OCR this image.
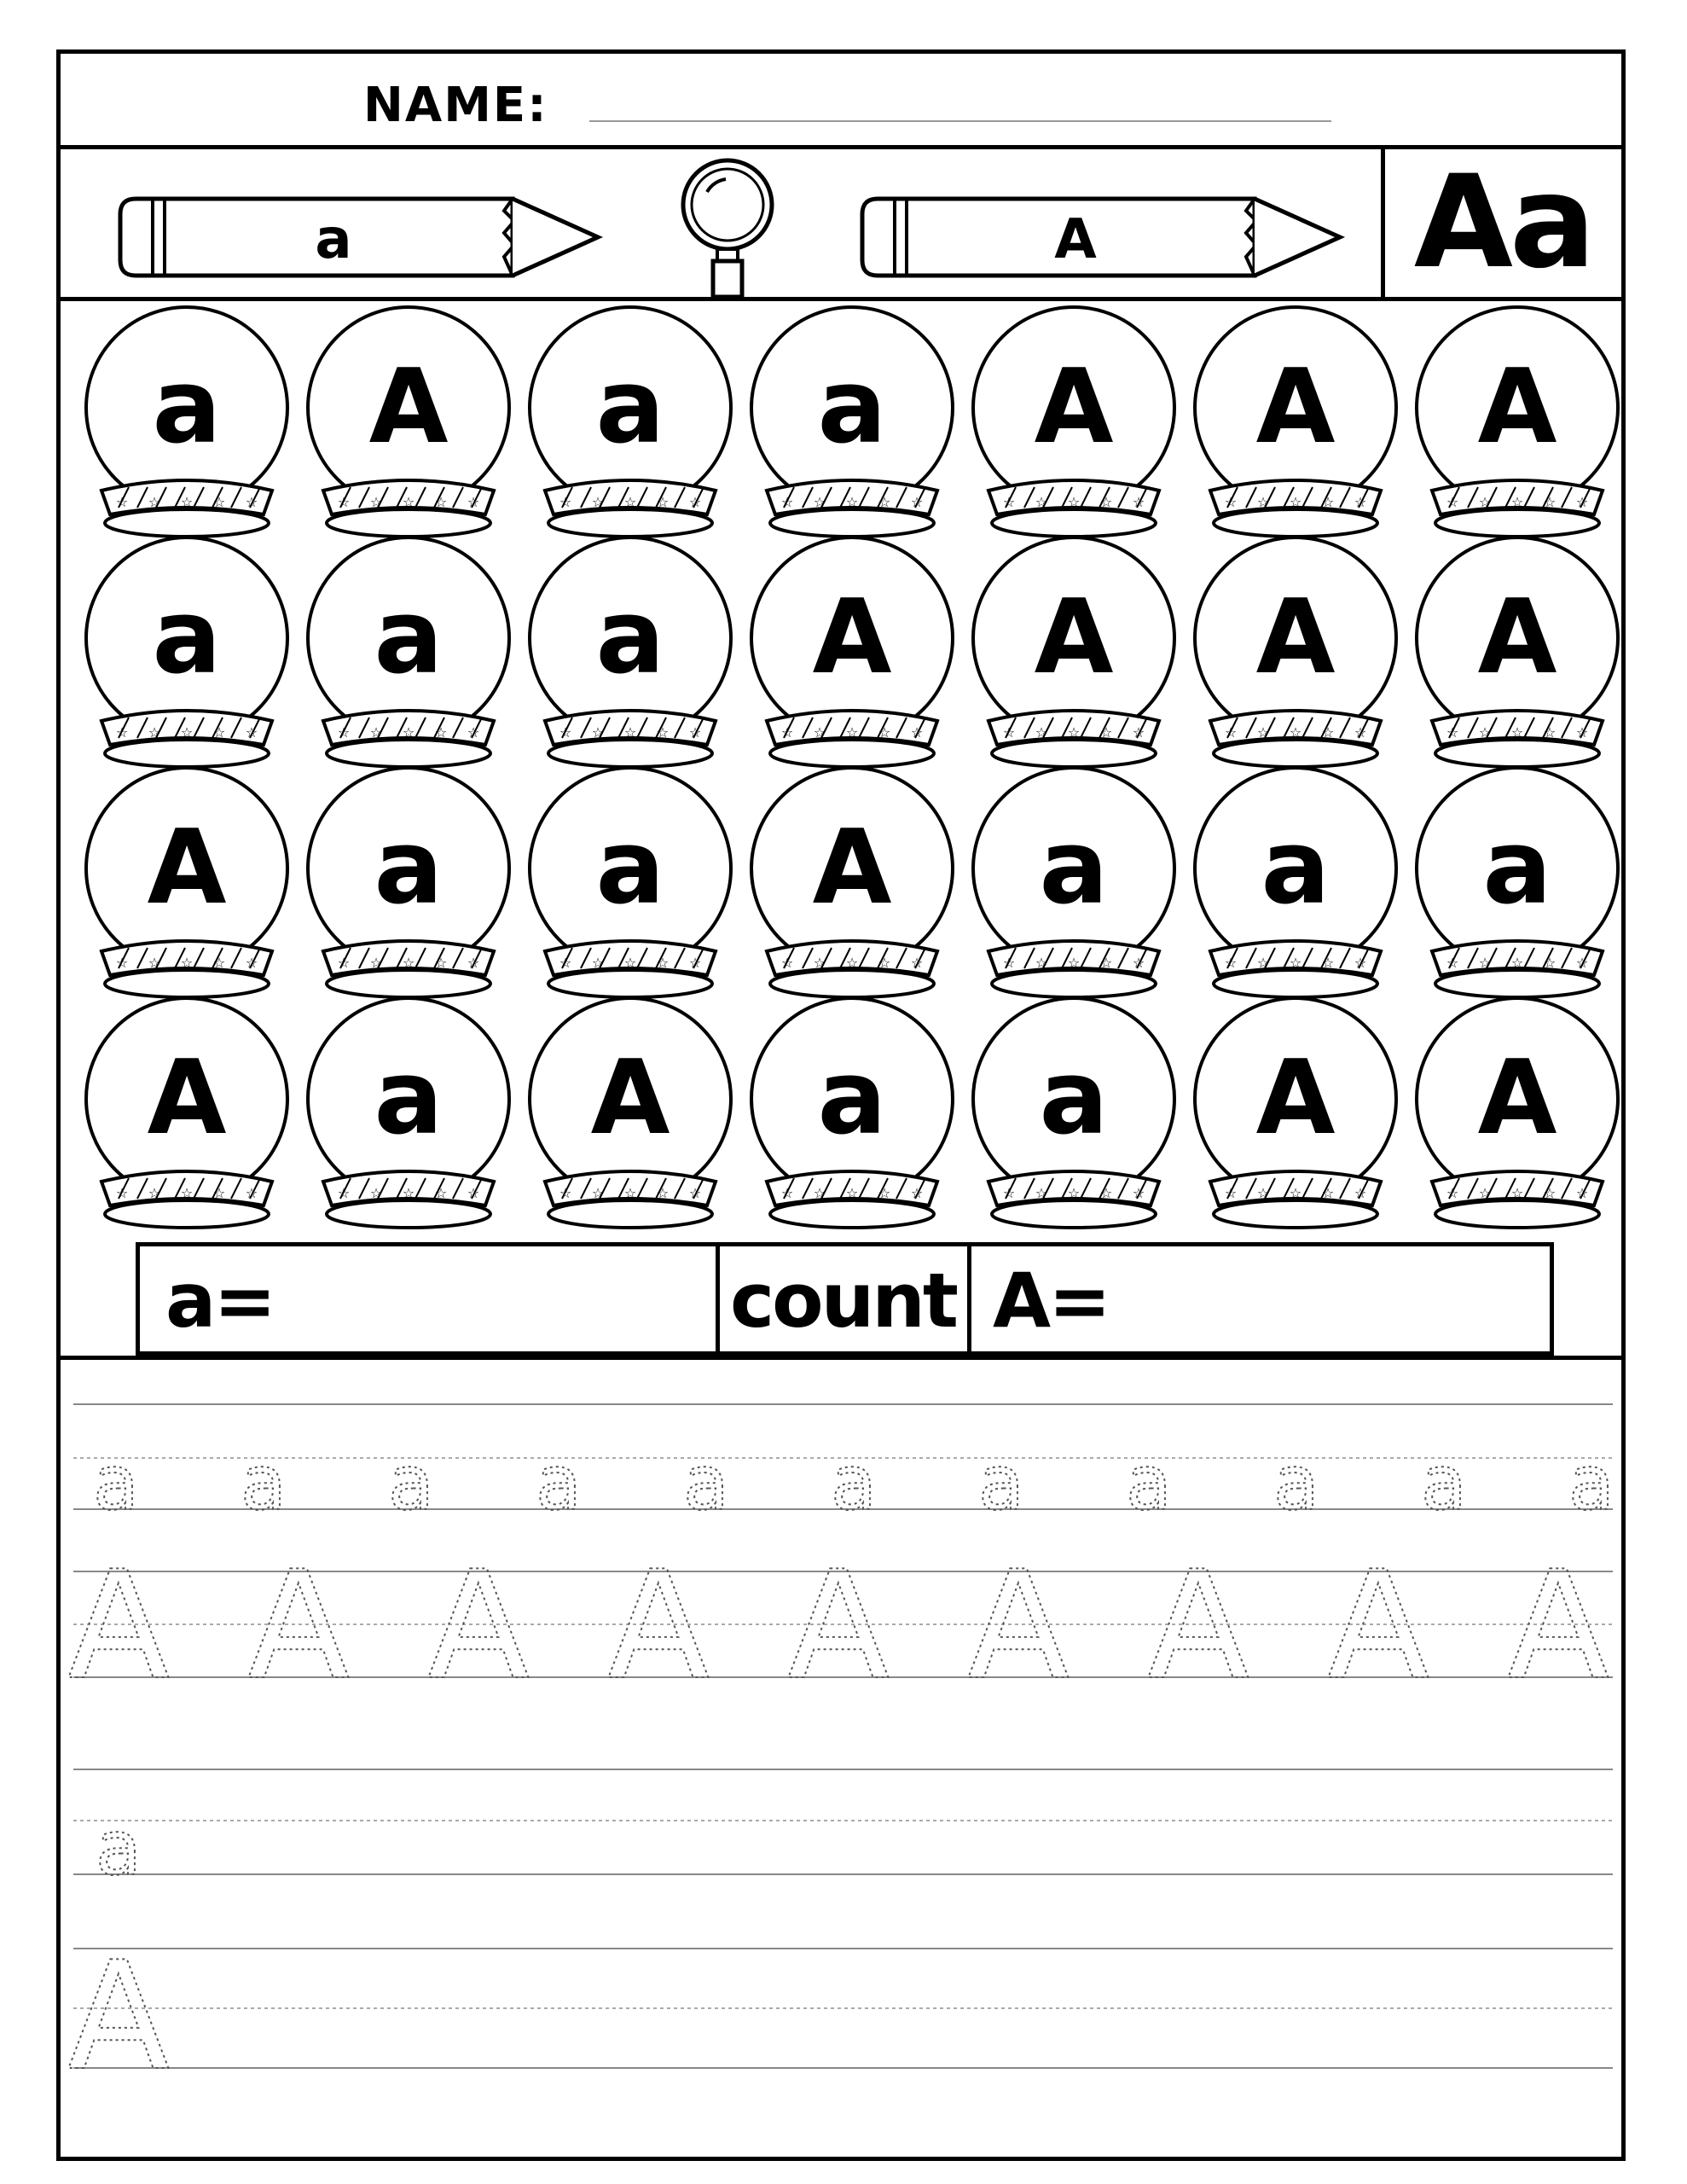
NAME:
a	A Aa
☆ ☆ ☆ ☆ ☆
a
☆ ☆ ☆ ☆ ☆
A
☆ ☆ ☆ ☆ ☆
a
☆ ☆ ☆ ☆ ☆
a
☆ ☆ ☆ ☆ ☆
A
☆ ☆ ☆ ☆ ☆
A
☆ ☆ ☆ ☆ ☆
A
☆ ☆ ☆ ☆ ☆
a
☆ ☆ ☆ ☆ ☆
a
☆ ☆ ☆ ☆ ☆
a
☆ ☆ ☆ ☆ ☆
A
☆ ☆ ☆ ☆ ☆
A
☆ ☆ ☆ ☆ ☆
A
☆ ☆ ☆ ☆ ☆
A
☆ ☆ ☆ ☆ ☆
A
☆ ☆ ☆ ☆ ☆
a
☆ ☆ ☆ ☆ ☆
a
☆ ☆ ☆ ☆ ☆
A
☆ ☆ ☆ ☆ ☆
a
☆ ☆ ☆ ☆ ☆
a
☆ ☆ ☆ ☆ ☆
a
☆ ☆ ☆ ☆ ☆
A
☆ ☆ ☆ ☆ ☆
a
☆ ☆ ☆ ☆ ☆
A
☆ ☆ ☆ ☆ ☆
a
☆ ☆ ☆ ☆ ☆
a
☆ ☆ ☆ ☆ ☆
A
☆ ☆ ☆ ☆ ☆
A
a=	count A=
a a a a a a a a a a a
A A A A A A A A A
a
A
